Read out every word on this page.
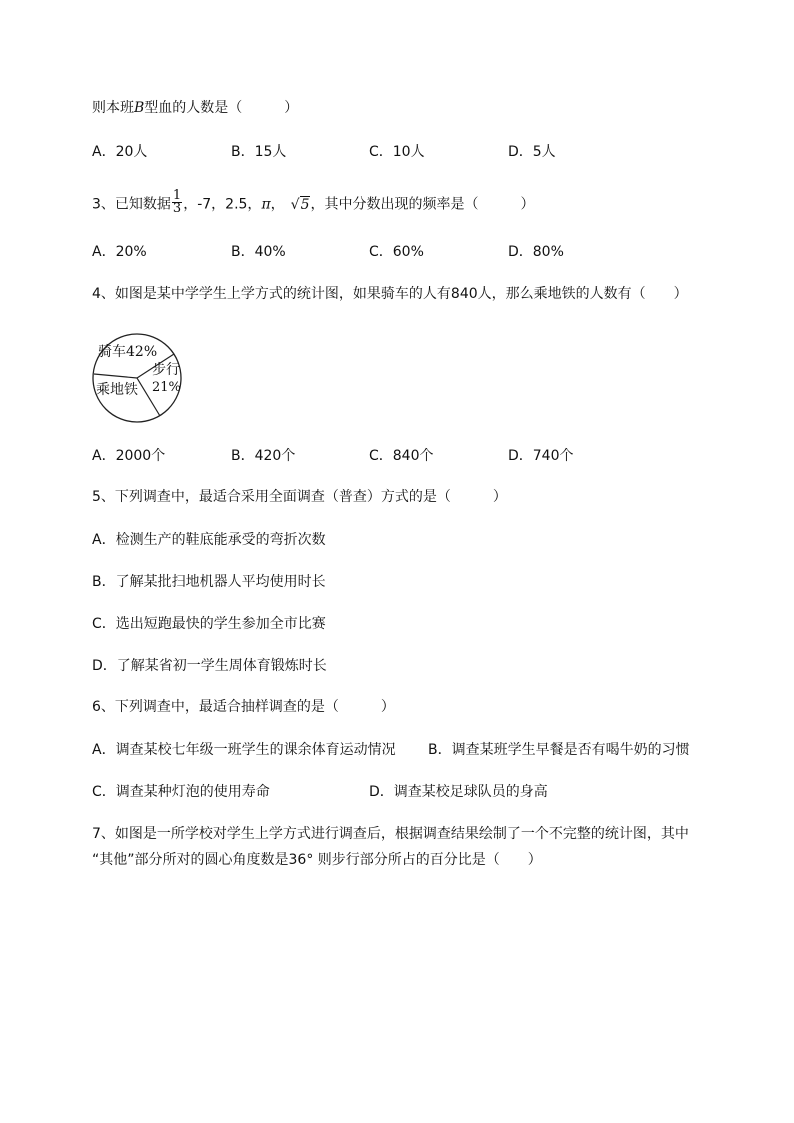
则本班B型血的人数是（　　　）
A．20人	B．15人	C．10人	D．5人
3、已知数据 $\frac{1}{3}$ ，-7，2.5，π， √5，其中分数出现的频率是（　　　）
A．20%	B．40%	C．60%	D．80%
4、如图是某中学学生上学方式的统计图，如果骑车的人有840人，那么乘地铁的人数有（　　）
骑车42%
步行
21%
乘地铁
A．2000个	B．420个	C．840个	D．740个
5、下列调查中，最适合采用全面调查（普查）方式的是（　　　）
A．检测生产的鞋底能承受的弯折次数
B．了解某批扫地机器人平均使用时长
C．选出短跑最快的学生参加全市比赛
D．了解某省初一学生周体育锻炼时长
6、下列调查中，最适合抽样调查的是（　　　）
A．调查某校七年级一班学生的课余体育运动情况 B．调查某班学生早餐是否有喝牛奶的习惯
C．调查某种灯泡的使用寿命	D．调查某校足球队员的身高
7、如图是一所学校对学生上学方式进行调查后，根据调查结果绘制了一个不完整的统计图，其中
“其他”部分所对的圆心角度数是36° 则步行部分所占的百分比是（　　）
